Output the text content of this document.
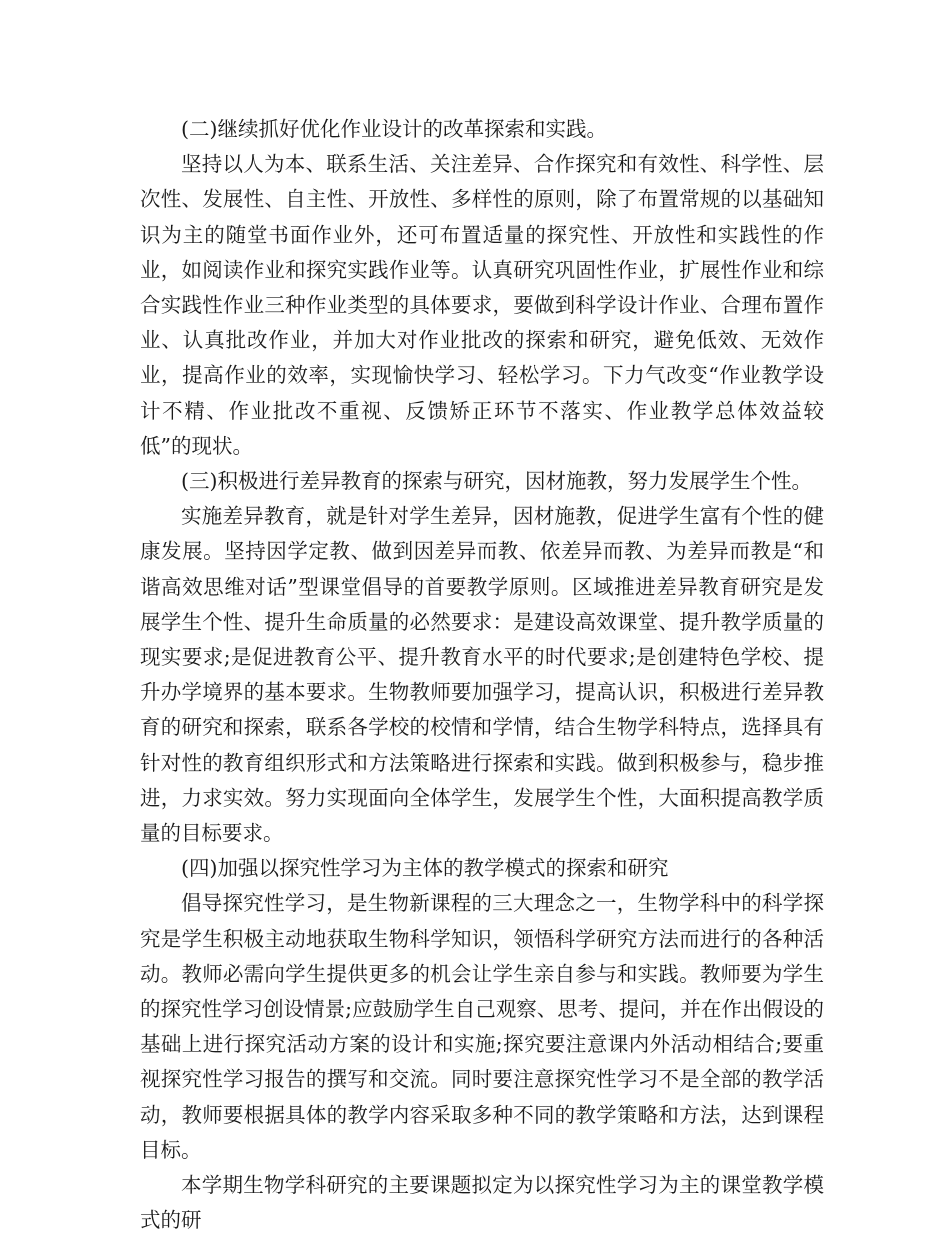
(二)继续抓好优化作业设计的改革探索和实践。

坚持以人为本、联系生活、关注差异、合作探究和有效性、科学性、层次性、发展性、自主性、开放性、多样性的原则，除了布置常规的以基础知识为主的随堂书面作业外，还可布置适量的探究性、开放性和实践性的作业，如阅读作业和探究实践作业等。认真研究巩固性作业，扩展性作业和综合实践性作业三种作业类型的具体要求，要做到科学设计作业、合理布置作业、认真批改作业，并加大对作业批改的探索和研究，避免低效、无效作业，提高作业的效率，实现愉快学习、轻松学习。下力气改变“作业教学设计不精、作业批改不重视、反馈矫正环节不落实、作业教学总体效益较低”的现状。

(三)积极进行差异教育的探索与研究，因材施教，努力发展学生个性。

实施差异教育，就是针对学生差异，因材施教，促进学生富有个性的健康发展。坚持因学定教、做到因差异而教、依差异而教、为差异而教是“和谐高效思维对话”型课堂倡导的首要教学原则。区域推进差异教育研究是发展学生个性、提升生命质量的必然要求：是建设高效课堂、提升教学质量的现实要求;是促进教育公平、提升教育水平的时代要求;是创建特色学校、提升办学境界的基本要求。生物教师要加强学习，提高认识，积极进行差异教育的研究和探索，联系各学校的校情和学情，结合生物学科特点，选择具有针对性的教育组织形式和方法策略进行探索和实践。做到积极参与，稳步推进，力求实效。努力实现面向全体学生，发展学生个性，大面积提高教学质量的目标要求。

(四)加强以探究性学习为主体的教学模式的探索和研究

倡导探究性学习，是生物新课程的三大理念之一，生物学科中的科学探究是学生积极主动地获取生物科学知识，领悟科学研究方法而进行的各种活动。教师必需向学生提供更多的机会让学生亲自参与和实践。教师要为学生的探究性学习创设情景;应鼓励学生自己观察、思考、提问，并在作出假设的基础上进行探究活动方案的设计和实施;探究要注意课内外活动相结合;要重视探究性学习报告的撰写和交流。同时要注意探究性学习不是全部的教学活动，教师要根据具体的教学内容采取多种不同的教学策略和方法，达到课程目标。

本学期生物学科研究的主要课题拟定为以探究性学习为主的课堂教学模式的研
